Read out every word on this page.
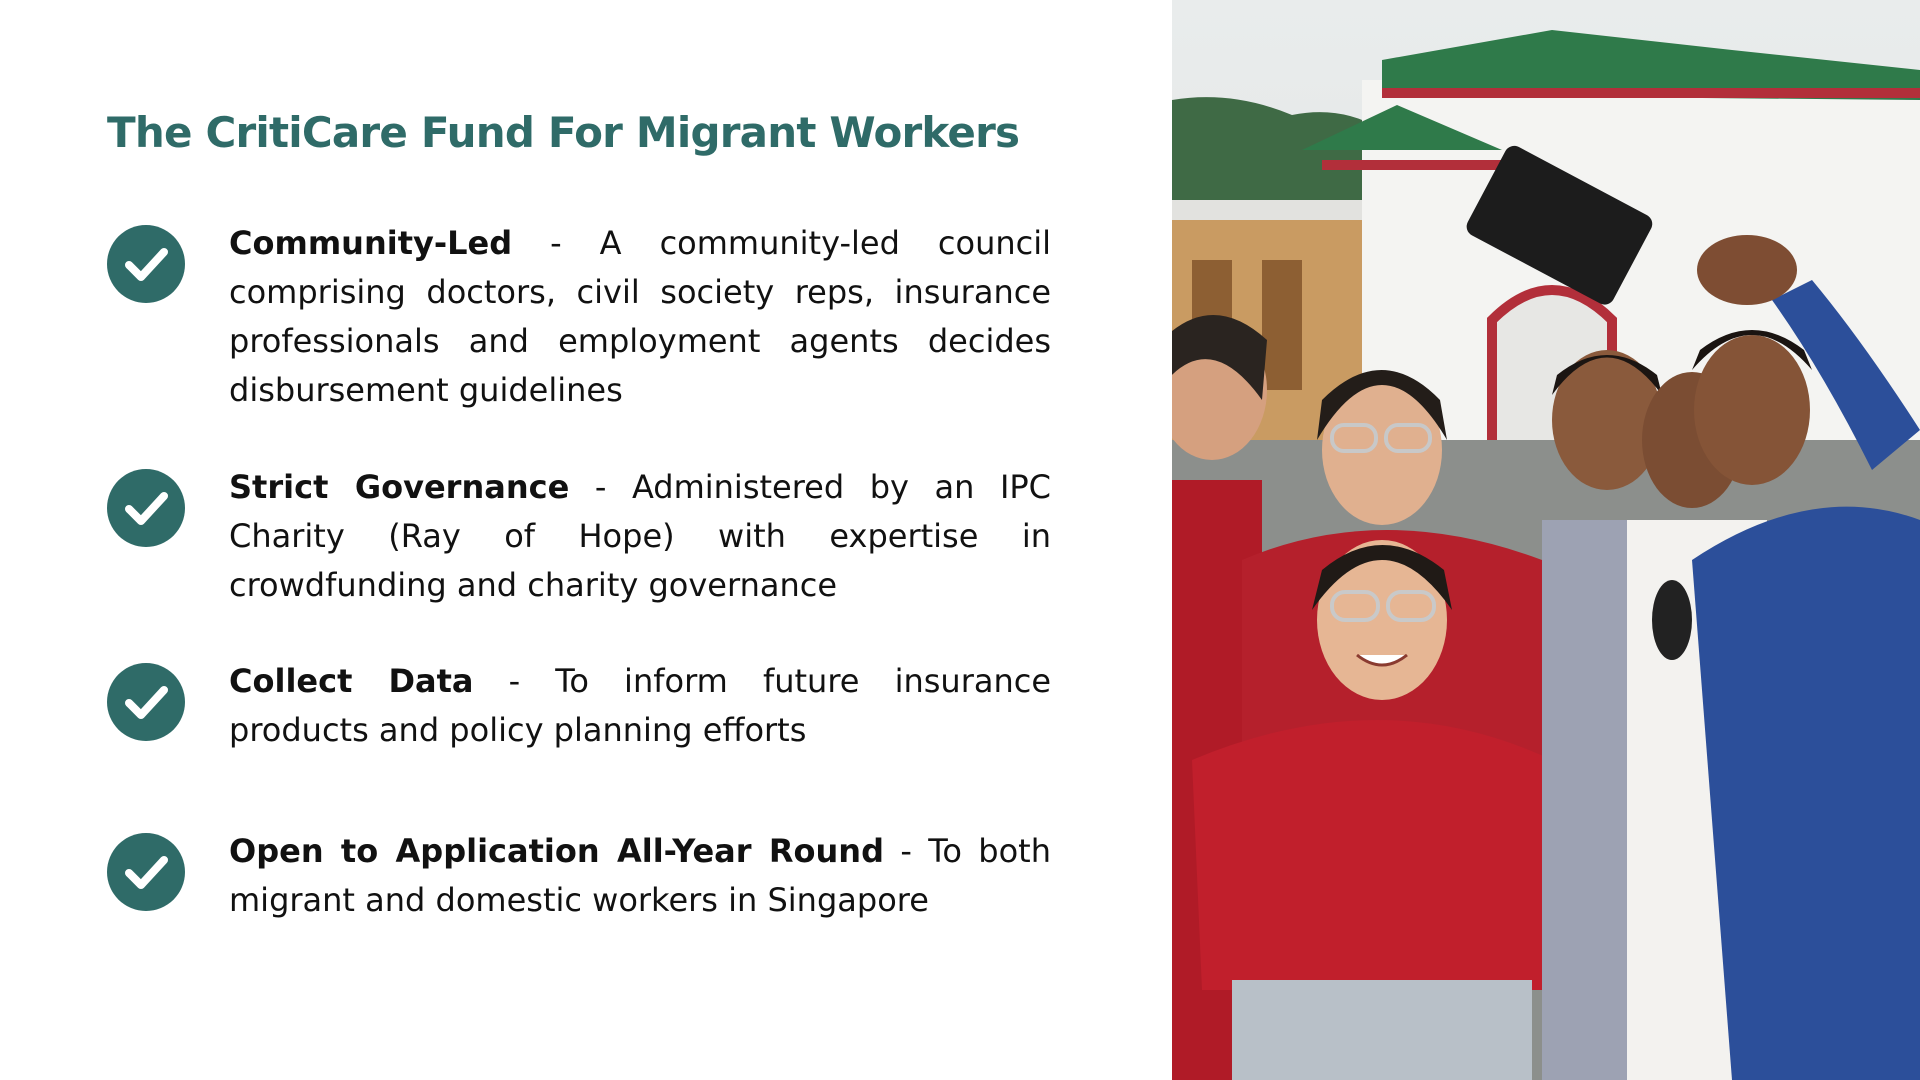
The CritiCare Fund For Migrant Workers
Community-Led - A community-led council comprising doctors, civil society reps, insurance professionals and employment agents decides disbursement guidelines
Strict Governance - Administered by an IPC Charity (Ray of Hope) with expertise in crowdfunding and charity governance
Collect Data - To inform future insurance products and policy planning efforts
Open to Application All-Year Round - To both migrant and domestic workers in Singapore
